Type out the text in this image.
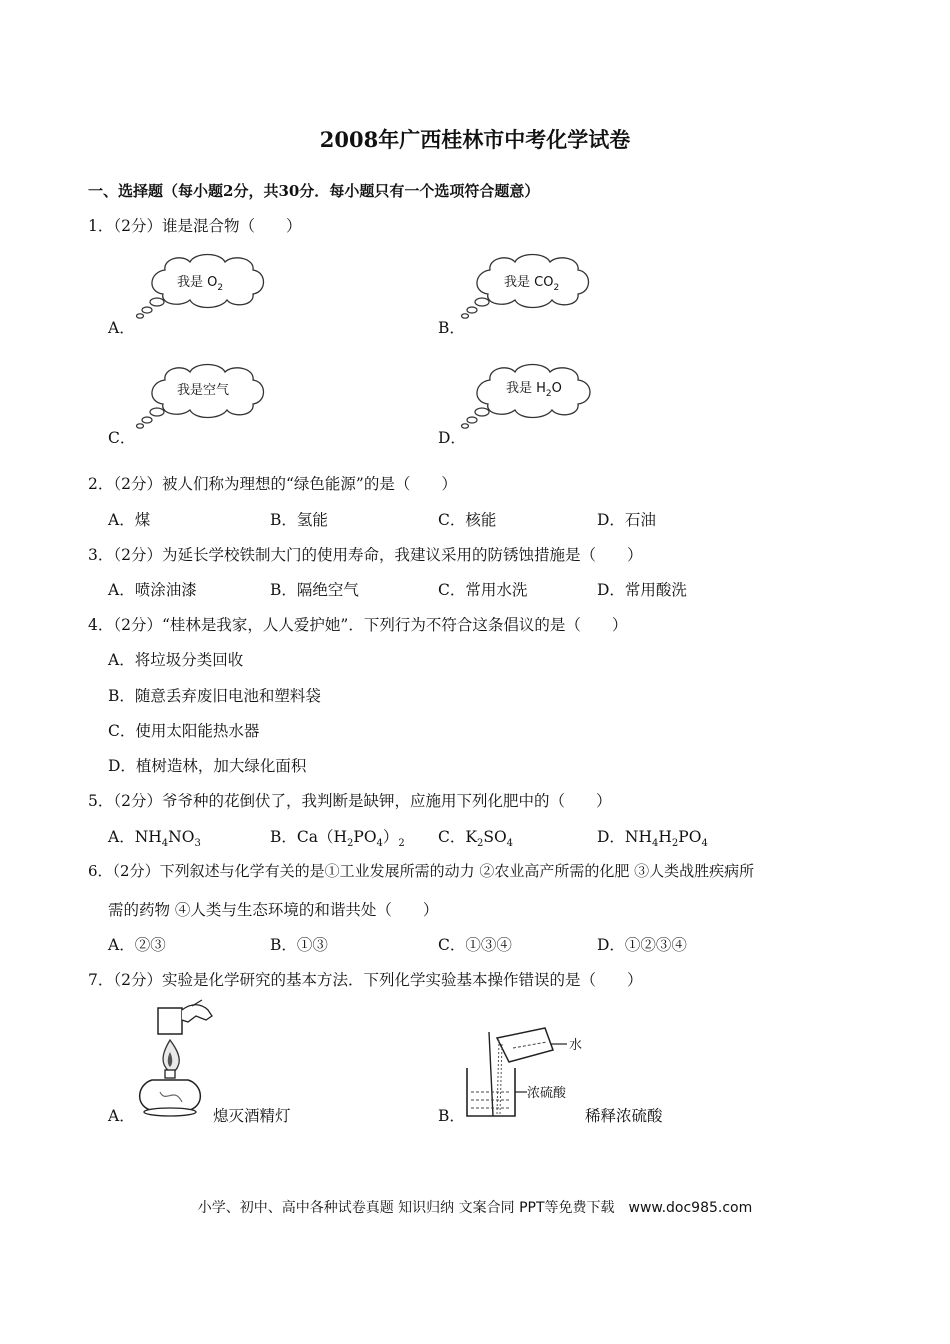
2008年广西桂林市中考化学试卷
一、选择题（每小题2分，共30分．每小题只有一个选项符合题意）
1．（2分）谁是混合物（　　）
我是 $O_2$
A．
我是 $CO_2$
B．
我是空气
C．
我是 $H_2O$
D．
2．（2分）被人们称为理想的“绿色能源”的是（　　）
A．煤	B．氢能	C．核能	D．石油
3．（2分）为延长学校铁制大门的使用寿命，我建议采用的防锈蚀措施是（　　）
A．喷涂油漆	B．隔绝空气	C．常用水洗	D．常用酸洗
4．（2分）“桂林是我家，人人爱护她”．下列行为不符合这条倡议的是（　　）
A．将垃圾分类回收
B．随意丢弃废旧电池和塑料袋
C．使用太阳能热水器
D．植树造林，加大绿化面积
5．（2分）爷爷种的花倒伏了，我判断是缺钾，应施用下列化肥中的（　　）
A．$NH_4NO_3$	B．$Ca(H_2PO_4)_2$ C．$K_2SO_4$	D．$NH_4H_2PO_4$
6．（2分）下列叙述与化学有关的是①工业发展所需的动力 ②农业高产所需的化肥 ③人类战胜疾病所
需的药物 ④人类与生态环境的和谐共处（　　）
A．②③	B．①③	C．①③④	D．①②③④
7．（2分）实验是化学研究的基本方法．下列化学实验基本操作错误的是（　　）
A．	熄灭酒精灯
水
浓硫酸
B．	稀释浓硫酸
小学、初中、高中各种试卷真题 知识归纳 文案合同 PPT等免费下载　www.doc985.com
